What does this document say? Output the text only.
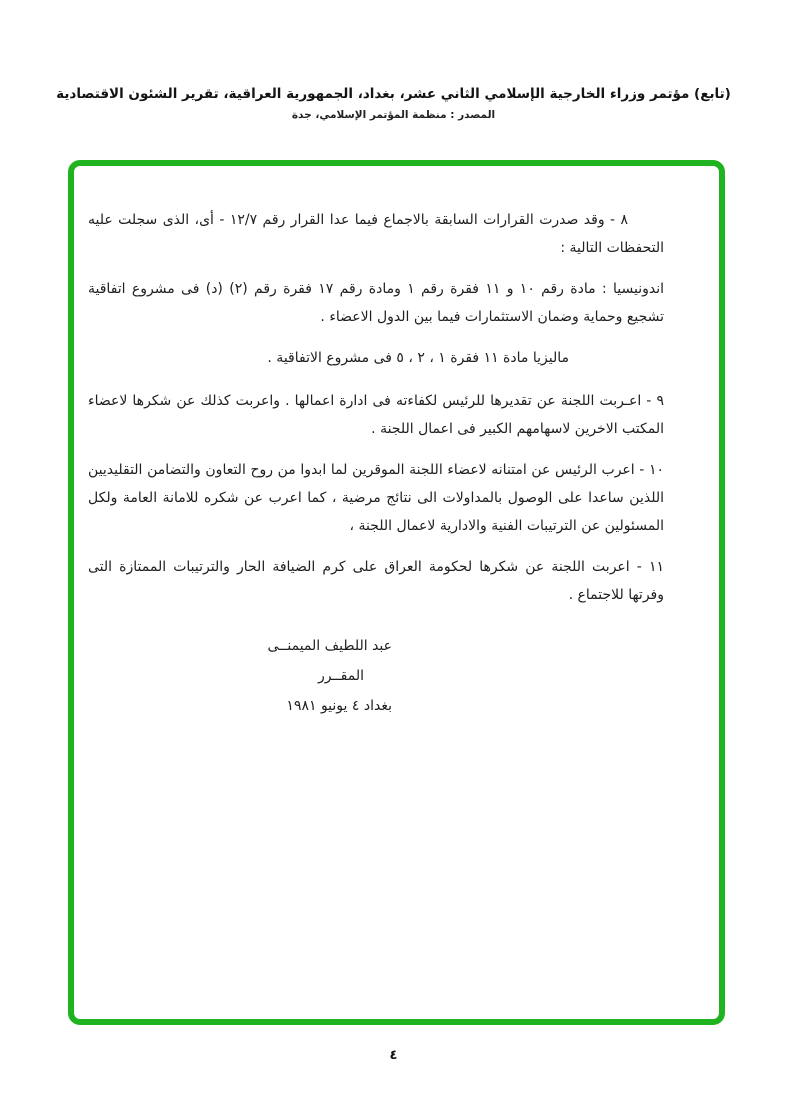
(تابع) مؤتمر وزراء الخارجية الإسلامي الثاني عشر، بغداد، الجمهورية العراقية، تقرير الشئون الاقتصادية
المصدر : منظمة المؤتمر الإسلامي، جدة

٨ - وقد صدرت القرارات السابقة بالاجماع فيما عدا القرار رقم ١٢/٧ - أى، الذى سجلت عليه التحفظات التالية :

اندونيسيا : مادة رقم ١٠ و ١١ فقرة رقم ١ ومادة رقم ١٧ فقرة رقم (٢) (د) فى مشروع اتفاقية تشجيع وحماية وضمان الاستثمارات فيما بين الدول الاعضاء .

ماليزيا مادة ١١ فقرة ١ ، ٢ ، ٥ فى مشروع الاتفاقية .

٩ - اعـربت اللجنة عن تقديرها للرئيس لكفاءته فى ادارة اعمالها . واعربت كذلك عن شكرها لاعضاء المكتب الاخرين لاسهامهم الكبير فى اعمال اللجنة .

١٠ - اعرب الرئيس عن امتنانه لاعضاء اللجنة الموقرين لما ابدوا من روح التعاون والتضامن التقليديين اللذين ساعدا على الوصول بالمداولات الى نتائج مرضية ، كما اعرب عن شكره للامانة العامة ولكل المسئولين عن الترتيبات الفنية والادارية لاعمال اللجنة ،

١١ - اعربت اللجنة عن شكرها لحكومة العراق على كرم الضيافة الحار والترتيبات الممتازة التى وفرتها للاجتماع .

عبد اللطيف الميمنــى
المقــرر
بغداد ٤ يونيو ١٩٨١
٤
